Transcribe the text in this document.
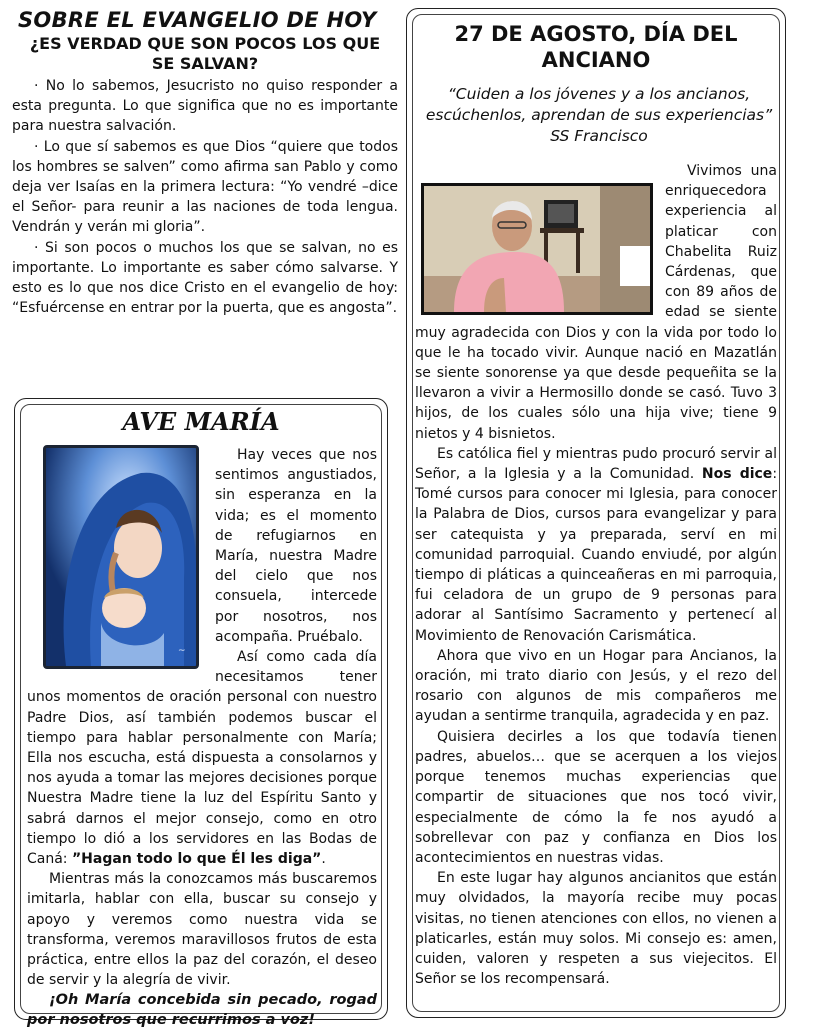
SOBRE EL EVANGELIO DE HOY
¿ES VERDAD QUE SON POCOS LOS QUE SE SALVAN?

· No lo sabemos, Jesucristo no quiso responder a esta pregunta. Lo que significa que no es importante para nuestra salvación.

· Lo que sí sabemos es que Dios “quiere que todos los hombres se salven” como afirma san Pablo y como deja ver Isaías en la primera lectura: “Yo vendré –dice el Señor- para reunir a las naciones de toda lengua. Vendrán y verán mi gloria”.

· Si son pocos o muchos los que se salvan, no es importante. Lo importante es saber cómo salvarse. Y esto es lo que nos dice Cristo en el evangelio de hoy: “Esfuércense en entrar por la puerta, que es angosta”.

AVE MARÍA
~

Hay veces que nos sentimos angustiados, sin esperanza en la vida; es el momento de refugiarnos en María, nuestra Madre del cielo que nos consuela, intercede por nosotros, nos acompaña. Pruébalo.

Así como cada día necesitamos tener unos momentos de oración personal con nuestro Padre Dios, así también podemos buscar el tiempo para hablar personalmente con María; Ella nos escucha, está dispuesta a consolarnos y nos ayuda a tomar las mejores decisiones porque Nuestra Madre tiene la luz del Espíritu Santo y sabrá darnos el mejor consejo, como en otro tiempo lo dió a los servidores en las Bodas de Caná: ”Hagan todo lo que Él les diga”.

Mientras más la conozcamos más buscaremos imitarla, hablar con ella, buscar su consejo y apoyo y veremos como nuestra vida se transforma, veremos maravillosos frutos de esta práctica, entre ellos la paz del corazón, el deseo de servir y la alegría de vivir.

¡Oh María concebida sin pecado, rogad por nosotros que recurrimos a voz!

27 DE AGOSTO, DÍA DEL ANCIANO
“Cuiden a los jóvenes y a los ancianos, escúchenlos, aprendan de sus experiencias” SS Francisco

Vivimos una enriquecedora experiencia al platicar con Chabelita Ruiz Cárdenas, que con 89 años de edad se siente muy agradecida con Dios y con la vida por todo lo que le ha tocado vivir. Aunque nació en Mazatlán se siente sonorense ya que desde pequeñita se la llevaron a vivir a Hermosillo donde se casó. Tuvo 3 hijos, de los cuales sólo una hija vive; tiene 9 nietos y 4 bisnietos.

Es católica fiel y mientras pudo procuró servir al Señor, a la Iglesia y a la Comunidad. Nos dice: Tomé cursos para conocer mi Iglesia, para conocer la Palabra de Dios, cursos para evangelizar y para ser catequista y ya preparada, serví en mi comunidad parroquial. Cuando enviudé, por algún tiempo di pláticas a quinceañeras en mi parroquia, fui celadora de un grupo de 9 personas para adorar al Santísimo Sacramento y pertenecí al Movimiento de Renovación Carismática.

Ahora que vivo en un Hogar para Ancianos, la oración, mi trato diario con Jesús, y el rezo del rosario con algunos de mis compañeros me ayudan a sentirme tranquila, agradecida y en paz.

Quisiera decirles a los que todavía tienen padres, abuelos… que se acerquen a los viejos porque tenemos muchas experiencias que compartir de situaciones que nos tocó vivir, especialmente de cómo la fe nos ayudó a sobrellevar con paz y confianza en Dios los acontecimientos en nuestras vidas.

En este lugar hay algunos ancianitos que están muy olvidados, la mayoría recibe muy pocas visitas, no tienen atenciones con ellos, no vienen a platicarles, están muy solos. Mi consejo es: amen, cuiden, valoren y respeten a sus viejecitos. El Señor se los recompensará.
